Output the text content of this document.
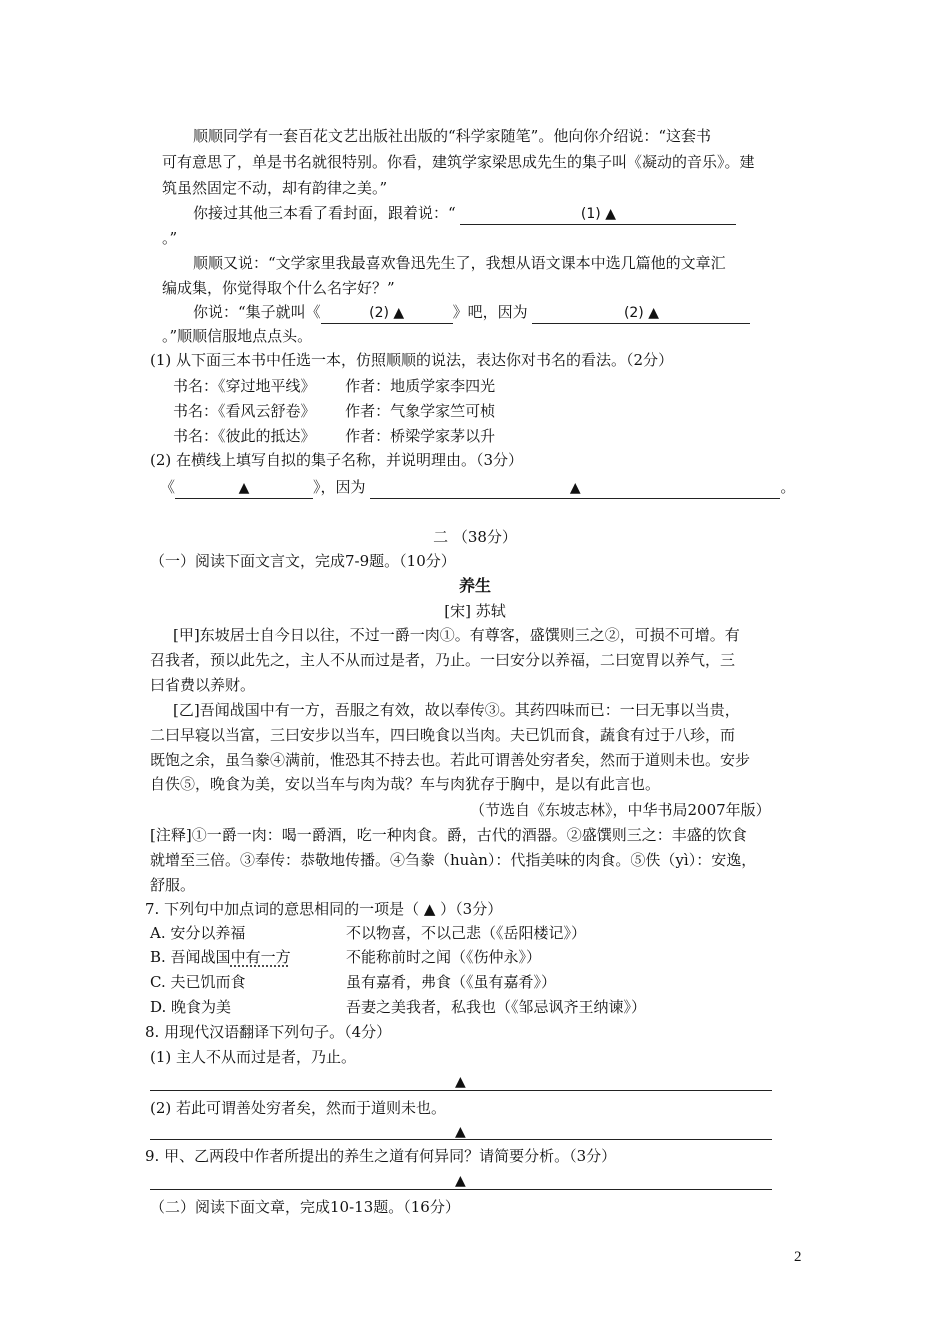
顺顺同学有一套百花文艺出版社出版的“科学家随笔”。他向你介绍说：“这套书
可有意思了，单是书名就很特别。你看，建筑学家梁思成先生的集子叫《凝动的音乐》。建
筑虽然固定不动，却有韵律之美。”
你接过其他三本看了看封面，跟着说：“	(1) ▲
。”
顺顺又说：“文学家里我最喜欢鲁迅先生了，我想从语文课本中选几篇他的文章汇
编成集，你觉得取个什么名字好？”
你说：“集子就叫《	(2) ▲	》吧，因为	(2) ▲
。”顺顺信服地点点头。
(1) 从下面三本书中任选一本，仿照顺顺的说法，表达你对书名的看法。（2分）
书名：《穿过地平线》 作者：地质学家李四光
书名：《看风云舒卷》 作者：气象学家竺可桢
书名：《彼此的抵达》 作者：桥梁学家茅以升
(2) 在横线上填写自拟的集子名称，并说明理由。（3分）
《	▲	》，因为	▲	。
二 （38分）
（一）阅读下面文言文，完成7-9题。（10分）
养生
[宋] 苏轼
[甲]东坡居士自今日以往，不过一爵一肉①。有尊客，盛馔则三之②，可损不可增。有
召我者，预以此先之，主人不从而过是者，乃止。一曰安分以养福，二曰宽胃以养气，三
曰省费以养财。
[乙]吾闻战国中有一方，吾服之有效，故以奉传③。其药四味而已：一曰无事以当贵，
二曰早寝以当富，三曰安步以当车，四曰晚食以当肉。夫已饥而食，蔬食有过于八珍，而
既饱之余，虽刍豢④满前，惟恐其不持去也。若此可谓善处穷者矣，然而于道则未也。安步
自佚⑤，晚食为美，安以当车与肉为哉？车与肉犹存于胸中，是以有此言也。
（节选自《东坡志林》，中华书局2007年版）
[注释]①一爵一肉：喝一爵酒，吃一种肉食。爵，古代的酒器。②盛馔则三之：丰盛的饮食
就增至三倍。③奉传：恭敬地传播。④刍豢（huàn）：代指美味的肉食。⑤佚（yì）：安逸，
舒服。
7. 下列句中加点词的意思相同的一项是（ ▲ ）（3分）
A. 安分以养福	不以物喜，不以己悲（《岳阳楼记》）
B. 吾闻战国中有一方	不能称前时之闻（《伤仲永》）
C. 夫已饥而食	虽有嘉肴，弗食（《虽有嘉肴》）
D. 晚食为美	吾妻之美我者，私我也（《邹忌讽齐王纳谏》）
8. 用现代汉语翻译下列句子。（4分）
(1) 主人不从而过是者，乃止。
▲
(2) 若此可谓善处穷者矣，然而于道则未也。
▲
9. 甲、乙两段中作者所提出的养生之道有何异同？请简要分析。（3分）
▲
（二）阅读下面文章，完成10-13题。（16分）
2
